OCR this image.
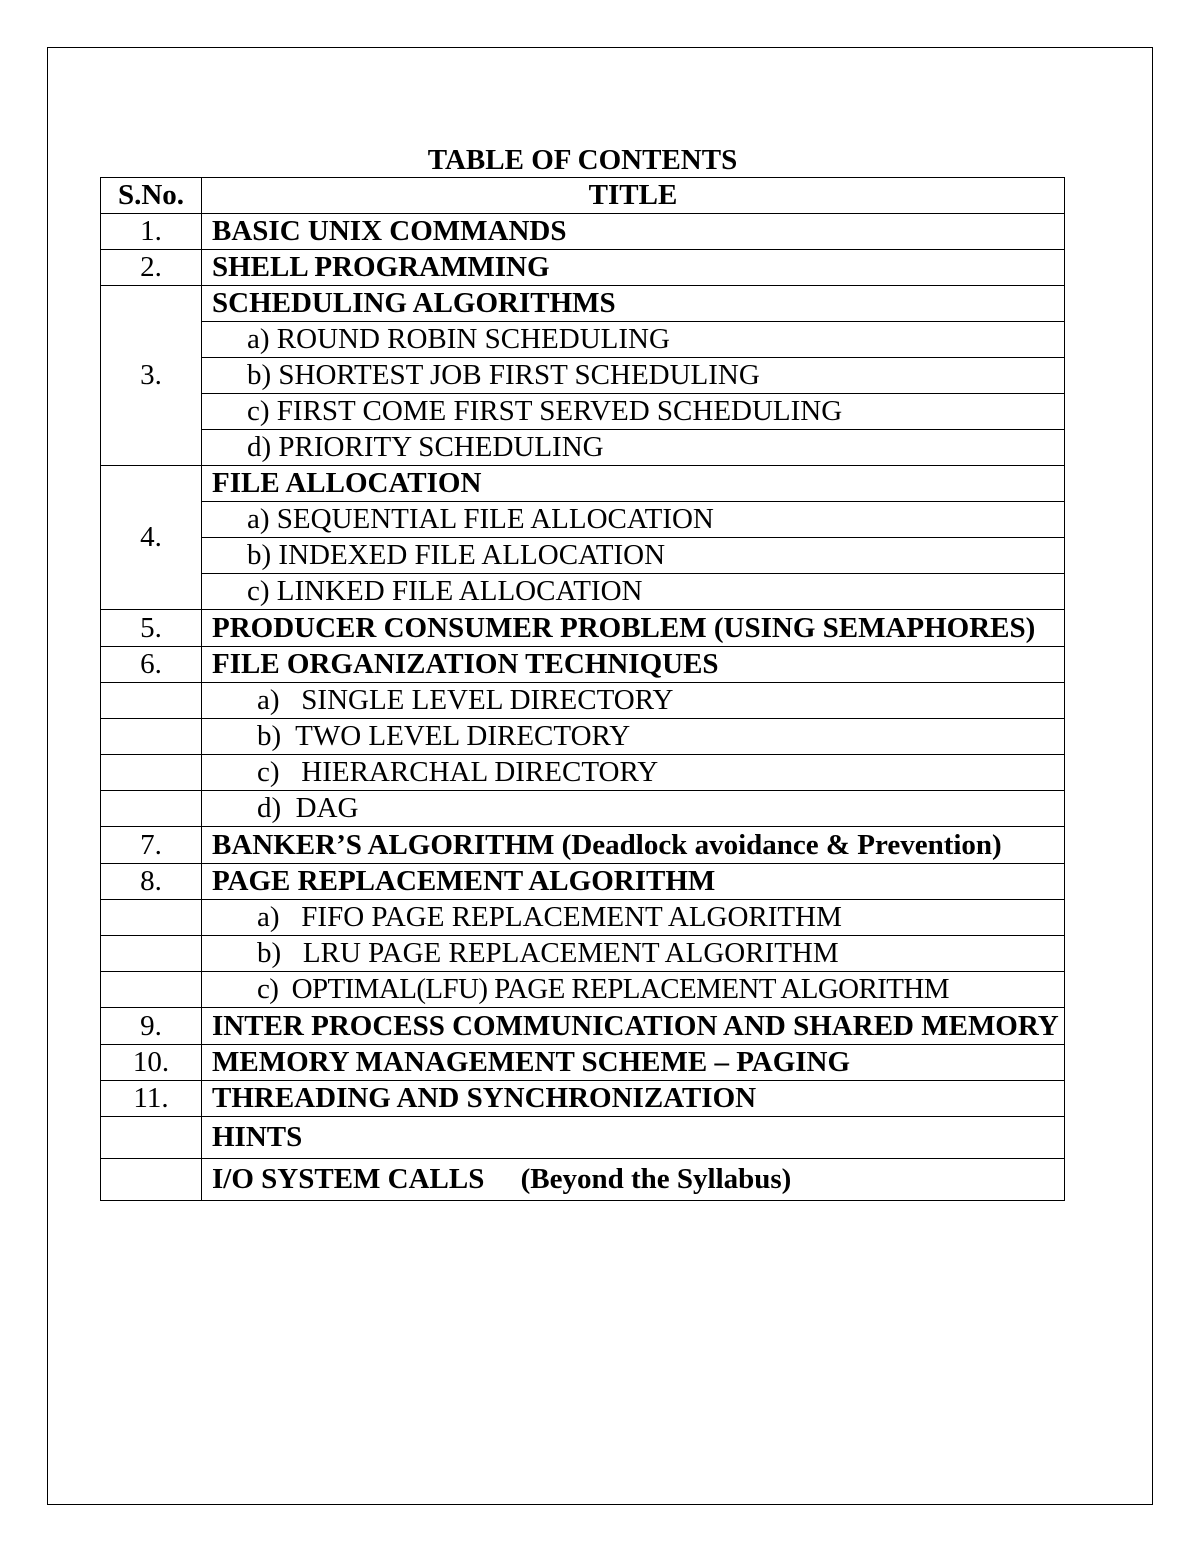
TABLE OF CONTENTS
S.No.	TITLE
1.	BASIC UNIX COMMANDS
2.	SHELL PROGRAMMING
3.	SCHEDULING ALGORITHMS
	a) ROUND ROBIN SCHEDULING
	b) SHORTEST JOB FIRST SCHEDULING
	c) FIRST COME FIRST SERVED SCHEDULING
	d) PRIORITY SCHEDULING
4.	FILE ALLOCATION
	a) SEQUENTIAL FILE ALLOCATION
	b) INDEXED FILE ALLOCATION
	c) LINKED FILE ALLOCATION
5.	PRODUCER CONSUMER PROBLEM (USING SEMAPHORES)
6.	FILE ORGANIZATION TECHNIQUES
	a)   SINGLE LEVEL DIRECTORY
	b)  TWO LEVEL DIRECTORY
	c)   HIERARCHAL DIRECTORY
	d)  DAG
7.	BANKER’S ALGORITHM (Deadlock avoidance & Prevention)
8.	PAGE REPLACEMENT ALGORITHM
	a)   FIFO PAGE REPLACEMENT ALGORITHM
	b)   LRU PAGE REPLACEMENT ALGORITHM
	c)  OPTIMAL(LFU) PAGE REPLACEMENT ALGORITHM
9.	INTER PROCESS COMMUNICATION AND SHARED MEMORY
10.	MEMORY MANAGEMENT SCHEME – PAGING
11.	THREADING AND SYNCHRONIZATION
	HINTS
	I/O SYSTEM CALLS     (Beyond the Syllabus)
